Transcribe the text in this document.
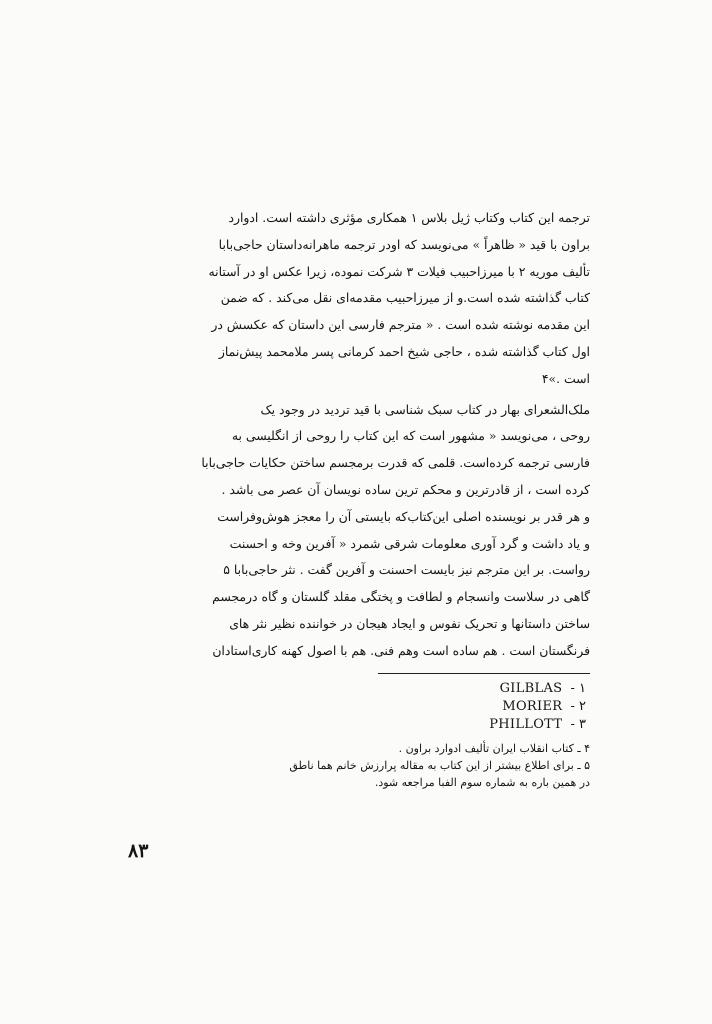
ترجمه این کتاب وکتاب ژیل بلاس ۱ همکاری مؤثری داشته است. ادوارد
براون با قید « ظاهراً » می‌نویسد که اودر ترجمه ماهرانه‌داستان حاجی‌بابا
تألیف موریه ۲ با میرزاحبیب فیلات ۳ شرکت نموده، زیرا عکس او در آستانه
کتاب گذاشته شده است.و از میرزاحبیب مقدمه‌ای نقل می‌کند . که ضمن
این مقدمه نوشته شده است . « مترجم فارسی این داستان که عکسش در
اول کتاب گذاشته شده ، حاجی شیخ احمد کرمانی پسر ملامحمد پیش‌نماز
است .»۴

ملک‌الشعرای بهار در کتاب سبک شناسی با قید تردید در وجود یک
روحی ، می‌نویسد « مشهور است که این کتاب را روحی از انگلیسی به
فارسی ترجمه کرده‌است. قلمی که قدرت برمجسم ساختن حکایات حاجی‌بابا
کرده است ، از قادرترین و محکم ترین ساده نویسان آن عصر می باشد .
و هر قدر بر نویسنده اصلی این‌کتاب‌که بایستی آن را معجز هوش‌وفراست
و یاد داشت و گرد آوری معلومات شرقی شمرد « آفرین وخه و احسنت
رواست. بر این مترجم نیز بایست احسنت و آفرین گفت . نثر حاجی‌بابا ۵
گاهی در سلاست وانسجام و لطافت و پختگی مقلد گلستان و گاه درمجسم
ساختن داستانها و تحریک نفوس و ایجاد هیجان در خواننده نظیر نثر های
فرنگستان است . هم ساده است وهم فنی. هم با اصول کهنه کاری‌استادان

GILBLAS - ۱
MORIER - ۲
PHILLOTT - ۳
۴ ـ کتاب انقلاب ایران تألیف ادوارد براون .
۵ ـ برای اطلاع بیشتر از این کتاب به مقاله پرارزش خانم هما ناطق
در همین باره به شماره سوم الفبا مراجعه شود.
۸۳
